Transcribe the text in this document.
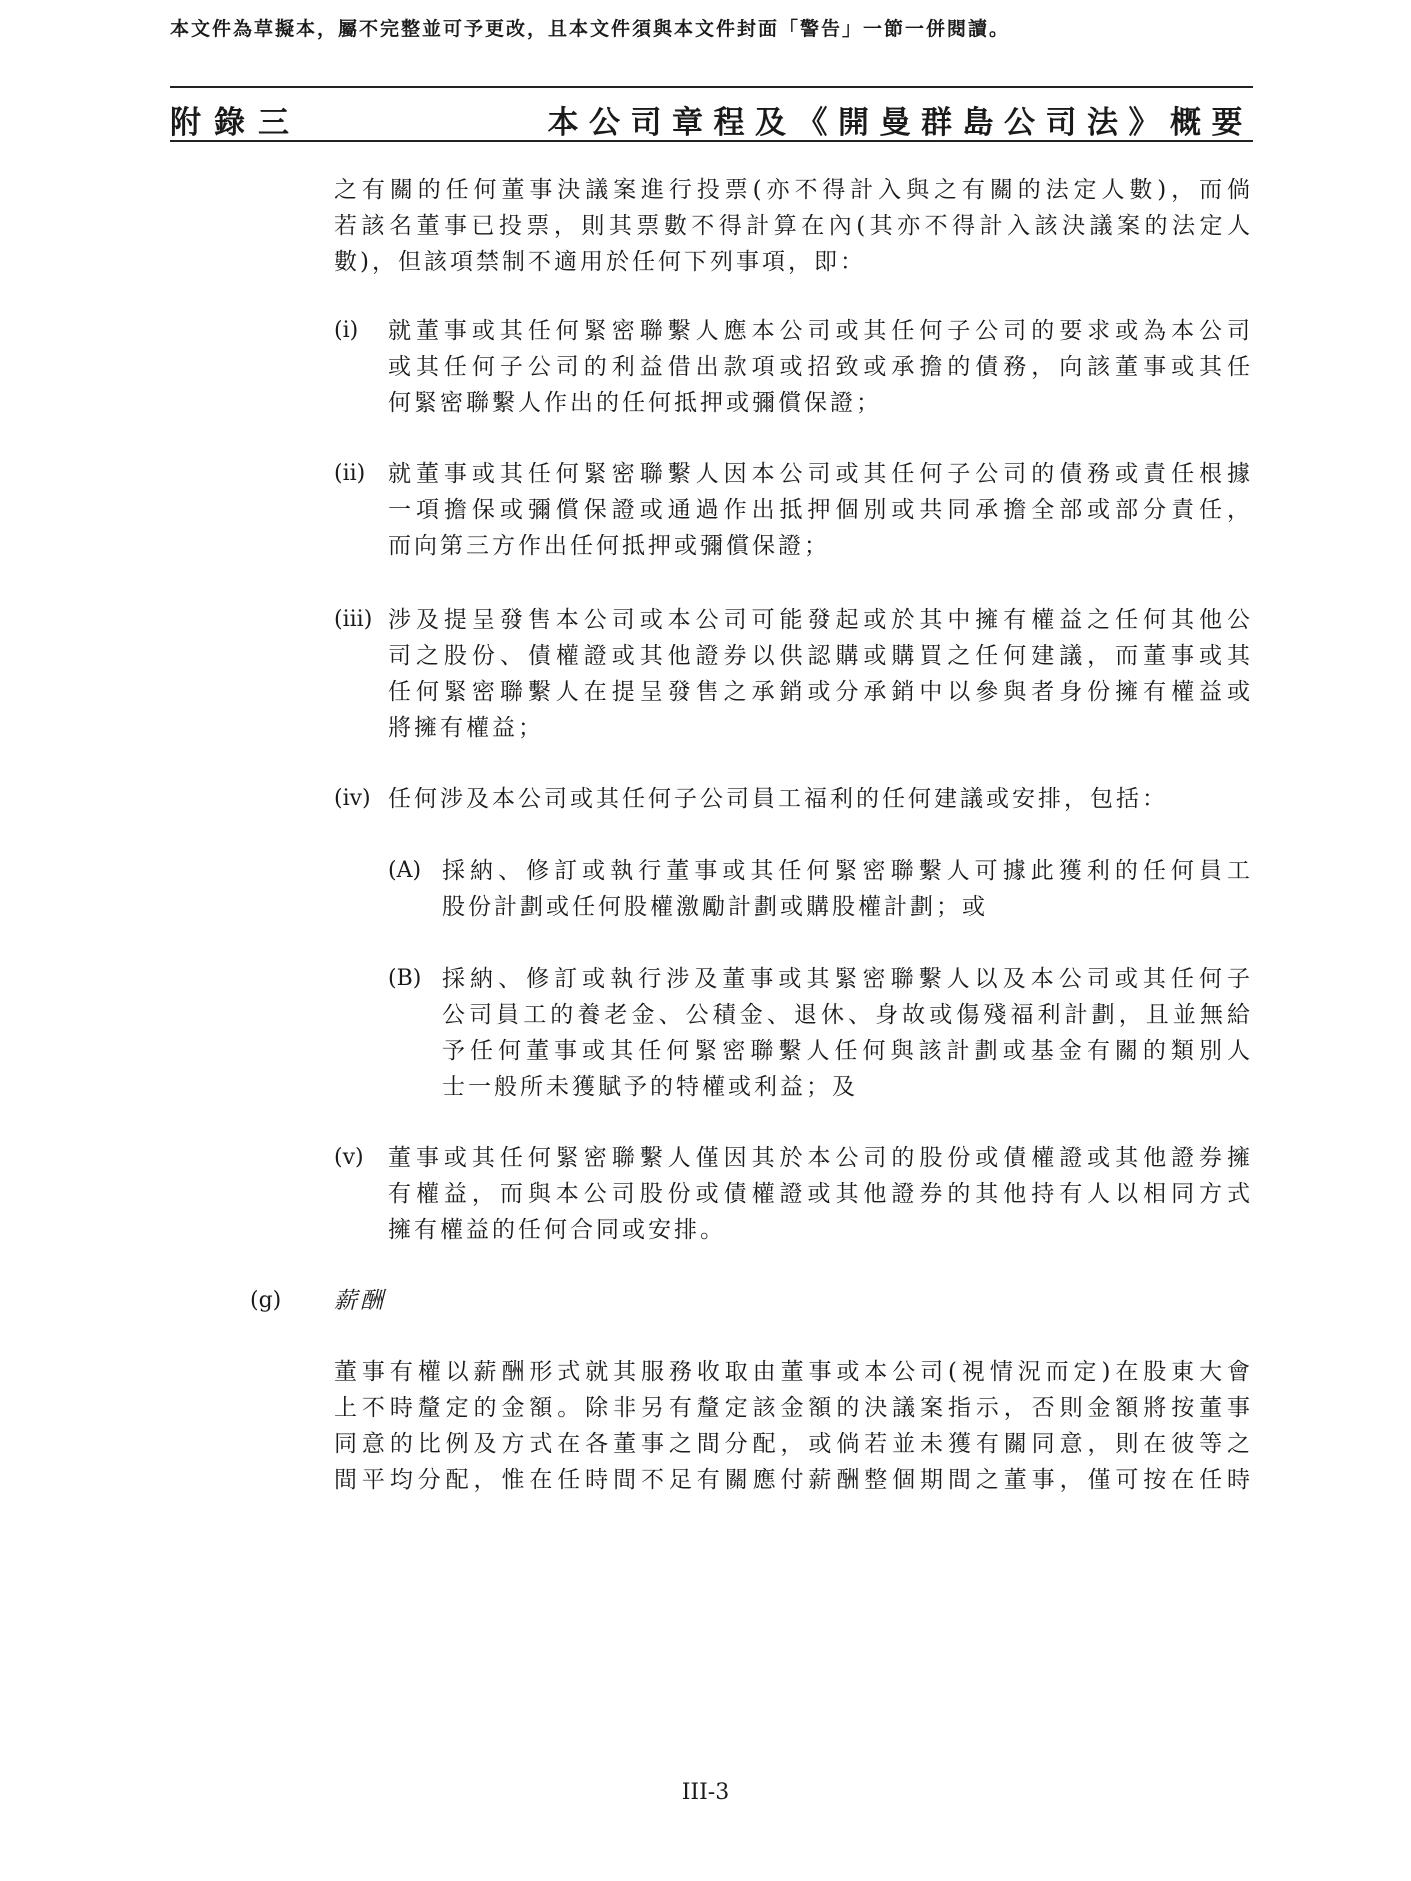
本文件為草擬本，屬不完整並可予更改，且本文件須與本文件封面「警告」一節一併閱讀。
附錄三	本公司章程及《開曼群島公司法》概要
之有關的任何董事決議案進行投票(亦不得計入與之有關的法定人數)，而倘
若該名董事已投票，則其票數不得計算在內(其亦不得計入該決議案的法定人
數)，但該項禁制不適用於任何下列事項，即：
(i) 就董事或其任何緊密聯繫人應本公司或其任何子公司的要求或為本公司
或其任何子公司的利益借出款項或招致或承擔的債務，向該董事或其任
何緊密聯繫人作出的任何抵押或彌償保證；
(ii) 就董事或其任何緊密聯繫人因本公司或其任何子公司的債務或責任根據
一項擔保或彌償保證或通過作出抵押個別或共同承擔全部或部分責任，
而向第三方作出任何抵押或彌償保證；
(iii) 涉及提呈發售本公司或本公司可能發起或於其中擁有權益之任何其他公
司之股份、債權證或其他證券以供認購或購買之任何建議，而董事或其
任何緊密聯繫人在提呈發售之承銷或分承銷中以參與者身份擁有權益或
將擁有權益；
(iv) 任何涉及本公司或其任何子公司員工福利的任何建議或安排，包括：
(A) 採納、修訂或執行董事或其任何緊密聯繫人可據此獲利的任何員工
股份計劃或任何股權激勵計劃或購股權計劃；或
(B) 採納、修訂或執行涉及董事或其緊密聯繫人以及本公司或其任何子
公司員工的養老金、公積金、退休、身故或傷殘福利計劃，且並無給
予任何董事或其任何緊密聯繫人任何與該計劃或基金有關的類別人
士一般所未獲賦予的特權或利益；及
(v) 董事或其任何緊密聯繫人僅因其於本公司的股份或債權證或其他證券擁
有權益，而與本公司股份或債權證或其他證券的其他持有人以相同方式
擁有權益的任何合同或安排。
(g) 薪酬
董事有權以薪酬形式就其服務收取由董事或本公司(視情況而定)在股東大會
上不時釐定的金額。除非另有釐定該金額的決議案指示，否則金額將按董事
同意的比例及方式在各董事之間分配，或倘若並未獲有關同意，則在彼等之
間平均分配，惟在任時間不足有關應付薪酬整個期間之董事，僅可按在任時
III-3
